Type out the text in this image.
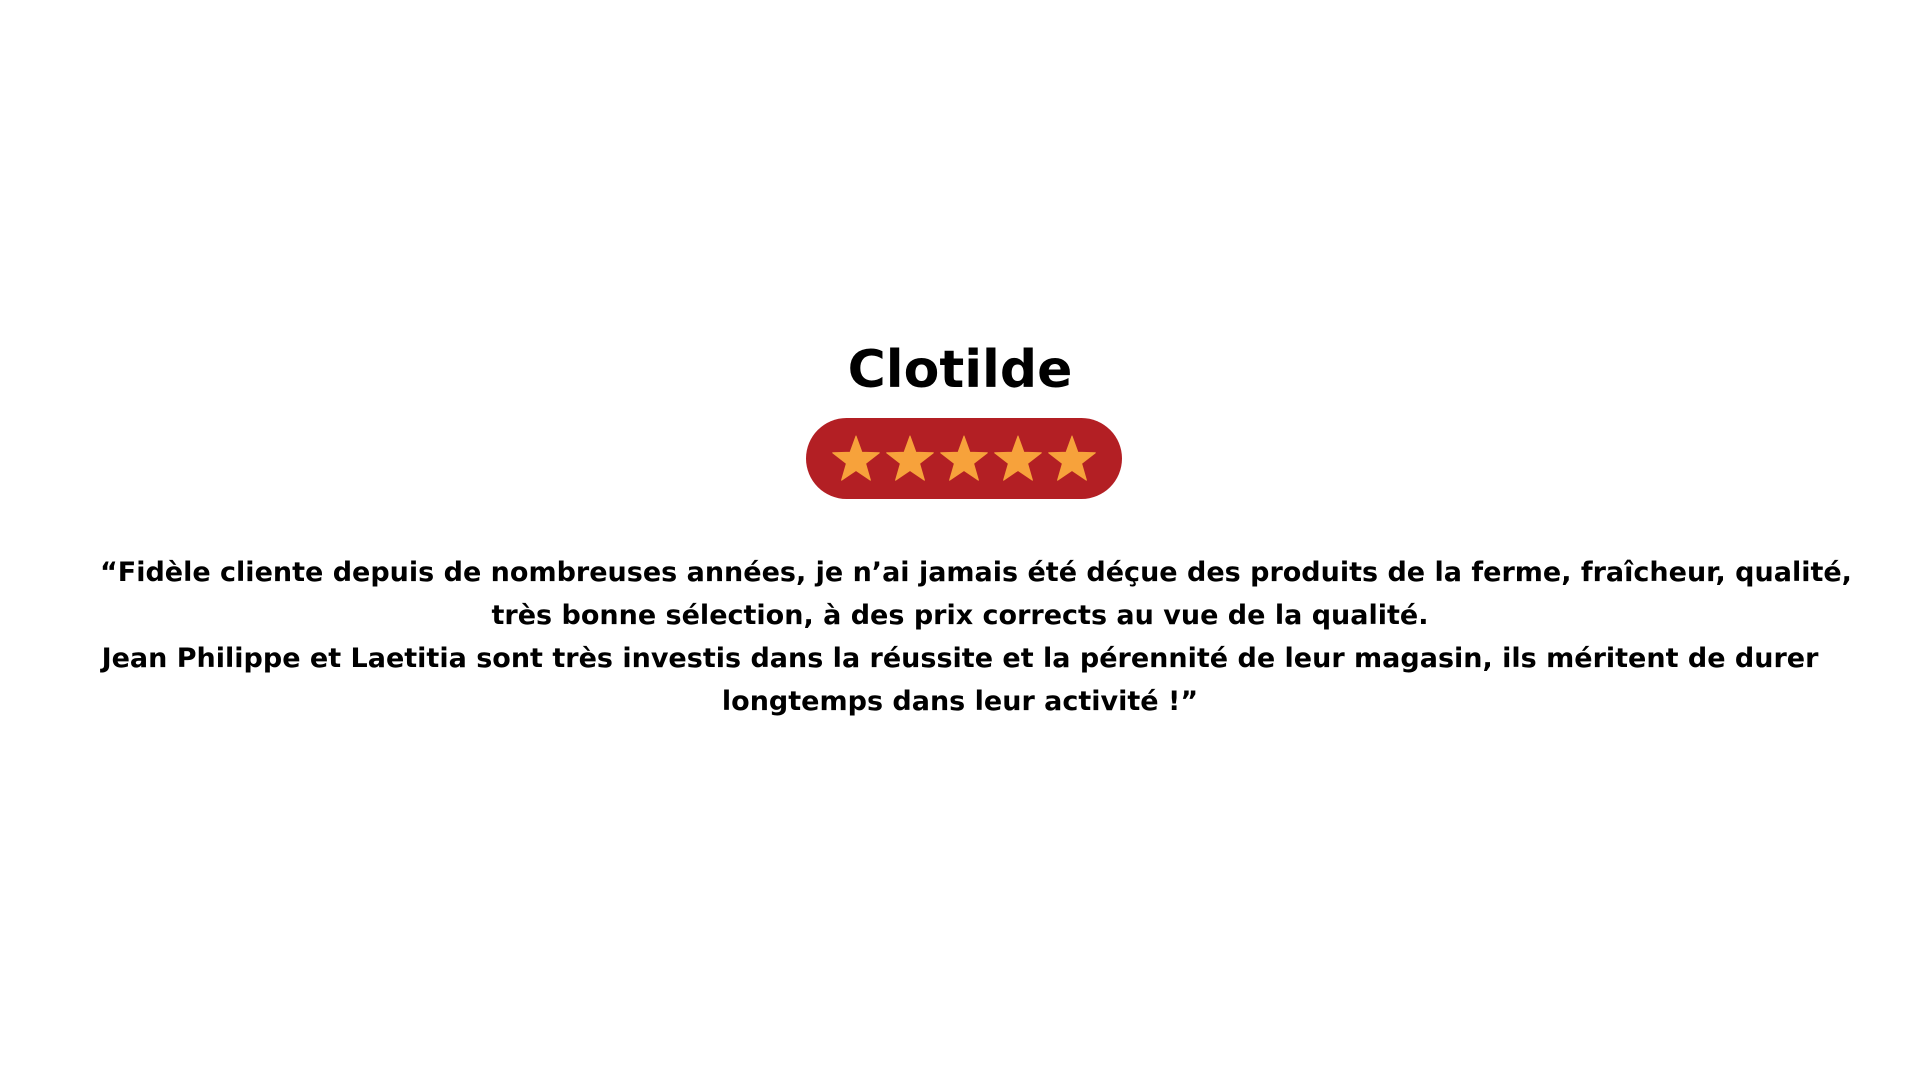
Clotilde

“Fidèle cliente depuis de nombreuses années, je n’ai jamais été déçue des produits de la ferme, fraîcheur, qualité,
très bonne sélection, à des prix corrects au vue de la qualité.
Jean Philippe et Laetitia sont très investis dans la réussite et la pérennité de leur magasin, ils méritent de durer
longtemps dans leur activité !”
